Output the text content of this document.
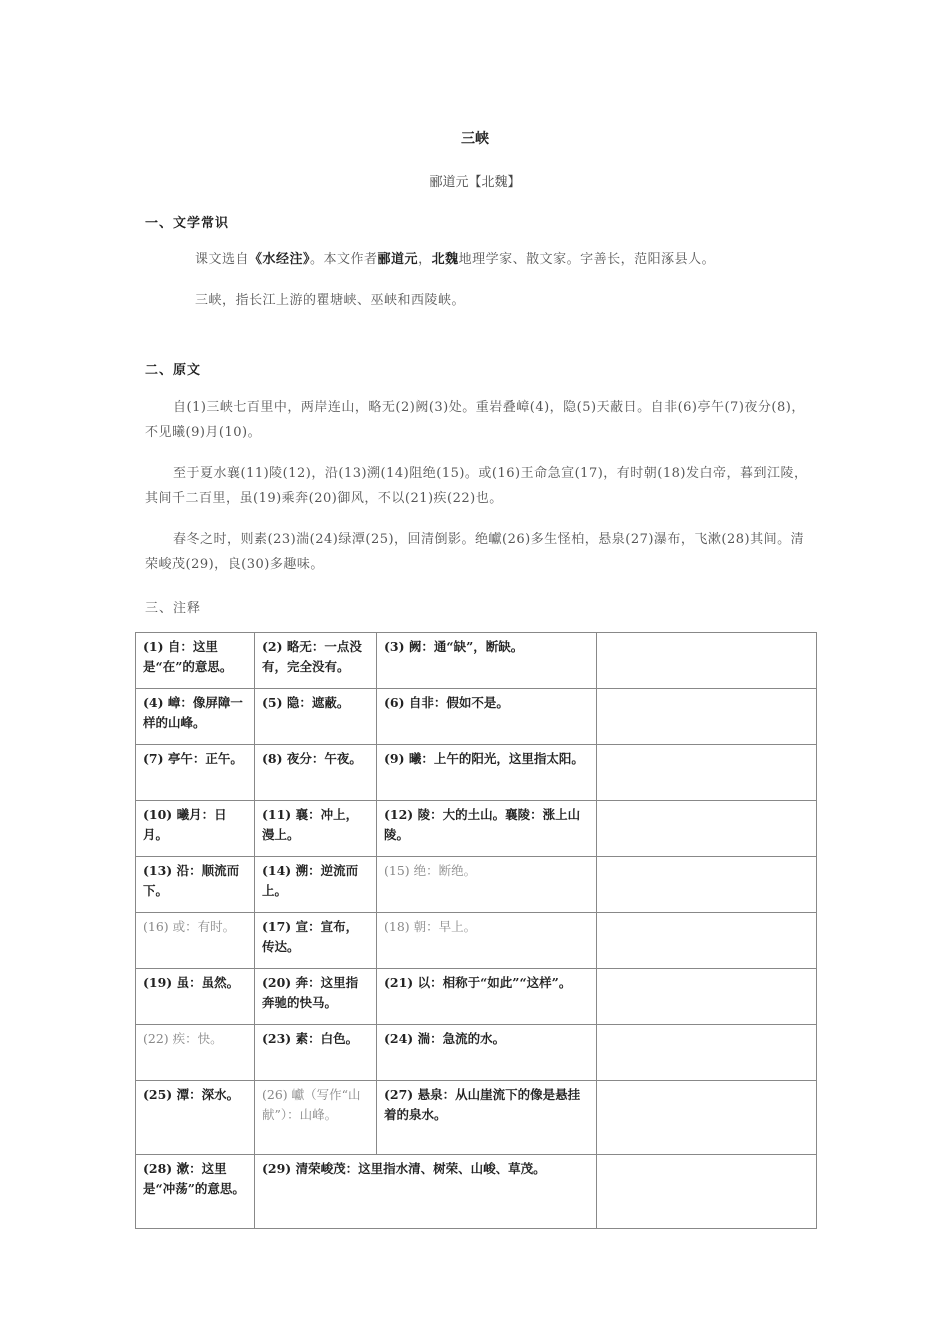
三峡
郦道元【北魏】
一、文学常识
课文选自《水经注》。本文作者郦道元，北魏地理学家、散文家。字善长，范阳涿县人。
三峡，指长江上游的瞿塘峡、巫峡和西陵峡。
二、原文
自(1)三峡七百里中，两岸连山，略无(2)阙(3)处。重岩叠嶂(4)，隐(5)天蔽日。自非(6)亭午(7)夜分(8)，不见曦(9)月(10)。
至于夏水襄(11)陵(12)，沿(13)溯(14)阻绝(15)。或(16)王命急宣(17)，有时朝(18)发白帝，暮到江陵，其间千二百里，虽(19)乘奔(20)御风，不以(21)疾(22)也。
春冬之时，则素(23)湍(24)绿潭(25)，回清倒影。绝巘(26)多生怪柏，悬泉(27)瀑布，飞漱(28)其间。清荣峻茂(29)，良(30)多趣味。
三、注释
(1) 自：这里是“在”的意思。	(2) 略无：一点没有，完全没有。	(3) 阙：通“缺”，断缺。	
(4) 嶂：像屏障一样的山峰。	(5) 隐：遮蔽。	(6) 自非：假如不是。	
(7) 亭午：正午。	(8) 夜分：午夜。	(9) 曦：上午的阳光，这里指太阳。	
(10) 曦月：日月。	(11) 襄：冲上，漫上。	(12) 陵：大的土山。襄陵：涨上山陵。	
(13) 沿：顺流而下。	(14) 溯：逆流而上。	(15) 绝：断绝。	
(16) 或：有时。	(17) 宣：宣布，传达。	(18) 朝：早上。	
(19) 虽：虽然。	(20) 奔：这里指奔驰的快马。	(21) 以：相称于“如此”“这样”。	
(22) 疾：快。	(23) 素：白色。	(24) 湍：急流的水。	
(25) 潭：深水。	(26) 巘（写作“山献”）：山峰。	(27) 悬泉：从山崖流下的像是悬挂着的泉水。	
(28) 漱：这里是“冲荡”的意思。	(29) 清荣峻茂：这里指水清、树荣、山峻、草茂。		
